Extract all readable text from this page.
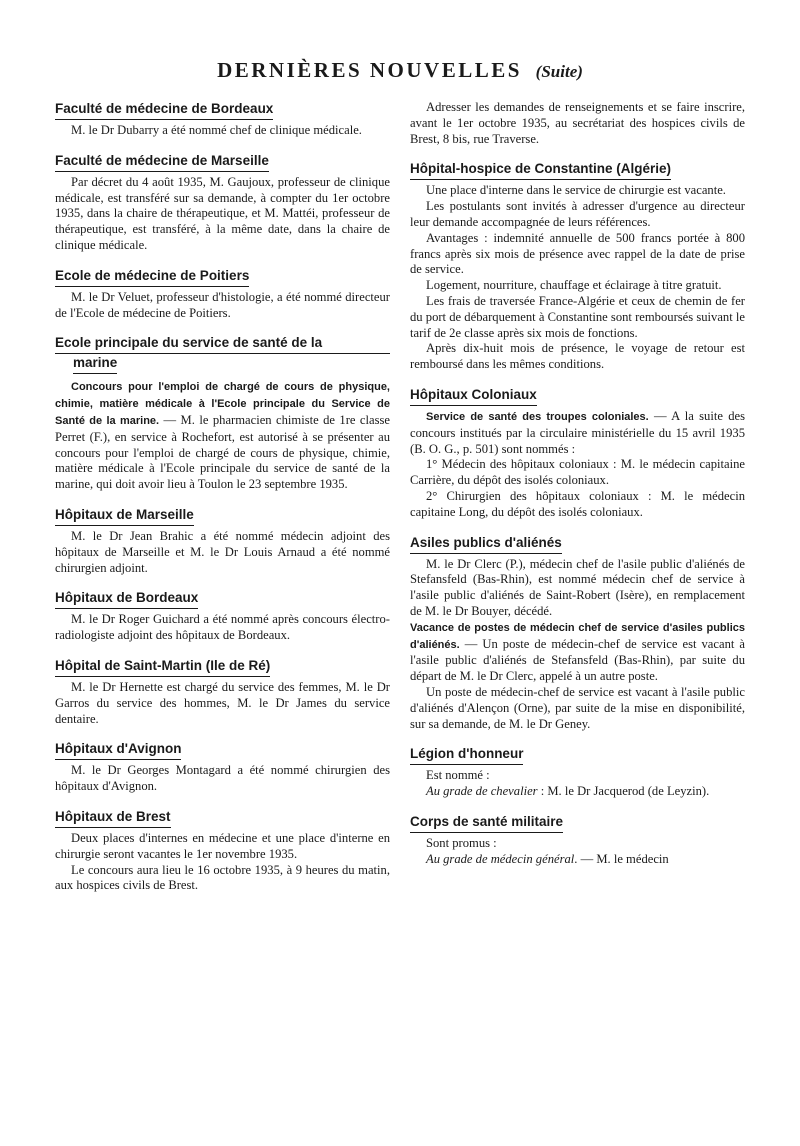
DERNIÈRES NOUVELLES (Suite)
Faculté de médecine de Bordeaux

M. le Dr Dubarry a été nommé chef de clinique médicale.

Faculté de médecine de Marseille

Par décret du 4 août 1935, M. Gaujoux, professeur de clinique médicale, est transféré sur sa demande, à compter du 1er octobre 1935, dans la chaire de thérapeutique, et M. Mattéi, professeur de thérapeutique, est transféré, à la même date, dans la chaire de clinique médicale.

Ecole de médecine de Poitiers

M. le Dr Veluet, professeur d'histologie, a été nommé directeur de l'Ecole de médecine de Poitiers.

Ecole principale du service de santé de la
marine

Concours pour l'emploi de chargé de cours de physique, chimie, matière médicale à l'Ecole principale du Service de Santé de la marine. — M. le pharmacien chimiste de 1re classe Perret (F.), en service à Rochefort, est autorisé à se présenter au concours pour l'emploi de chargé de cours de physique, chimie, matière médicale à l'Ecole principale du service de santé de la marine, qui doit avoir lieu à Toulon le 23 septembre 1935.

Hôpitaux de Marseille

M. le Dr Jean Brahic a été nommé médecin adjoint des hôpitaux de Marseille et M. le Dr Louis Arnaud a été nommé chirurgien adjoint.

Hôpitaux de Bordeaux

M. le Dr Roger Guichard a été nommé après concours électro-radiologiste adjoint des hôpitaux de Bordeaux.

Hôpital de Saint-Martin (Ile de Ré)

M. le Dr Hernette est chargé du service des femmes, M. le Dr Garros du service des hommes, M. le Dr James du service dentaire.

Hôpitaux d'Avignon

M. le Dr Georges Montagard a été nommé chirurgien des hôpitaux d'Avignon.

Hôpitaux de Brest

Deux places d'internes en médecine et une place d'interne en chirurgie seront vacantes le 1er novembre 1935.

Le concours aura lieu le 16 octobre 1935, à 9 heures du matin, aux hospices civils de Brest.

Adresser les demandes de renseignements et se faire inscrire, avant le 1er octobre 1935, au secrétariat des hospices civils de Brest, 8 bis, rue Traverse.

Hôpital-hospice de Constantine (Algérie)

Une place d'interne dans le service de chirurgie est vacante.

Les postulants sont invités à adresser d'urgence au directeur leur demande accompagnée de leurs références.

Avantages : indemnité annuelle de 500 francs portée à 800 francs après six mois de présence avec rappel de la date de prise de service.

Logement, nourriture, chauffage et éclairage à titre gratuit.

Les frais de traversée France-Algérie et ceux de chemin de fer du port de débarquement à Constantine sont remboursés suivant le tarif de 2e classe après six mois de fonctions.

Après dix-huit mois de présence, le voyage de retour est remboursé dans les mêmes conditions.

Hôpitaux Coloniaux

Service de santé des troupes coloniales. — A la suite des concours institués par la circulaire ministérielle du 15 avril 1935 (B. O. G., p. 501) sont nommés :

1° Médecin des hôpitaux coloniaux : M. le médecin capitaine Carrière, du dépôt des isolés coloniaux.

2° Chirurgien des hôpitaux coloniaux : M. le médecin capitaine Long, du dépôt des isolés coloniaux.

Asiles publics d'aliénés

M. le Dr Clerc (P.), médecin chef de l'asile public d'aliénés de Stefansfeld (Bas-Rhin), est nommé médecin chef de service à l'asile public d'aliénés de Saint-Robert (Isère), en remplacement de M. le Dr Bouyer, décédé.

Vacance de postes de médecin chef de service d'asiles publics d'aliénés. — Un poste de médecin-chef de service est vacant à l'asile public d'aliénés de Stefansfeld (Bas-Rhin), par suite du départ de M. le Dr Clerc, appelé à un autre poste.

Un poste de médecin-chef de service est vacant à l'asile public d'aliénés d'Alençon (Orne), par suite de la mise en disponibilité, sur sa demande, de M. le Dr Geney.

Légion d'honneur

Est nommé :

Au grade de chevalier : M. le Dr Jacquerod (de Leyzin).

Corps de santé militaire

Sont promus :

Au grade de médecin général. — M. le médecin
